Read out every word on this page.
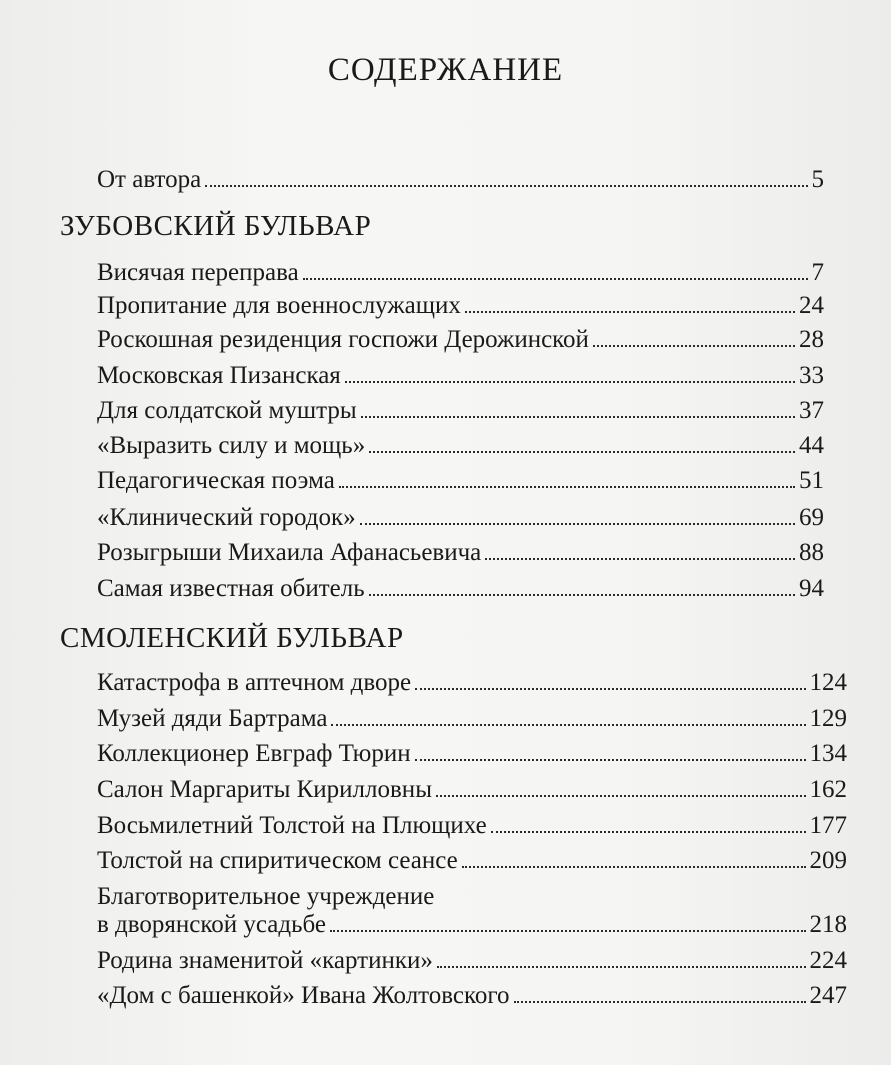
СОДЕРЖАНИЕ
От автора	5
ЗУБОВСКИЙ БУЛЬВАР
Висячая переправа	7
Пропитание для военнослужащих	24
Роскошная резиденция госпожи Дерожинской	28
Московская Пизанская	33
Для солдатской муштры	37
«Выразить силу и мощь»	44
Педагогическая поэма	51
«Клинический городок»	69
Розыгрыши Михаила Афанасьевича	88
Самая известная обитель	94
СМОЛЕНСКИЙ БУЛЬВАР
Катастрофа в аптечном дворе	124
Музей дяди Бартрама	129
Коллекционер Евграф Тюрин	134
Салон Маргариты Кирилловны	162
Восьмилетний Толстой на Плющихе	177
Толстой на спиритическом сеансе	209
Благотворительное учреждение
в дворянской усадьбе	218
Родина знаменитой «картинки»	224
«Дом с башенкой» Ивана Жолтовского	247
